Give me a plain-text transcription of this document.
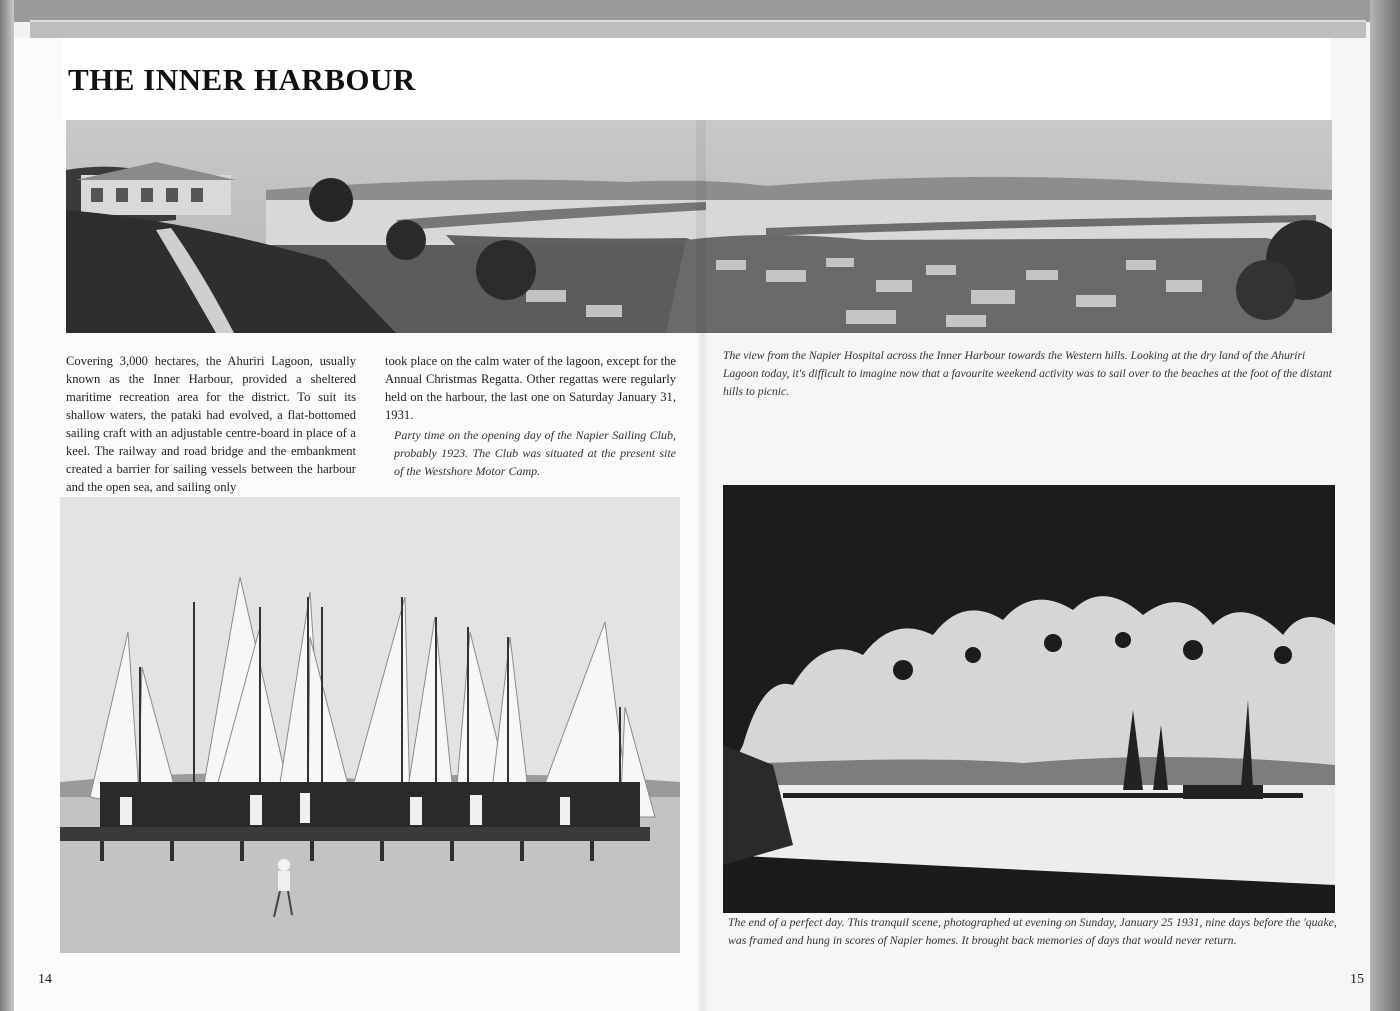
THE INNER HARBOUR

Covering 3,000 hectares, the Ahuriri Lagoon, usually known as the Inner Harbour, provided a sheltered maritime recreation area for the district. To suit its shallow waters, the pataki had evolved, a flat-bottomed sailing craft with an adjustable centre-board in place of a keel. The railway and road bridge and the embankment created a barrier for sailing vessels between the harbour and the open sea, and sailing only

took place on the calm water of the lagoon, except for the Annual Christmas Regatta. Other regattas were regularly held on the harbour, the last one on Saturday January 31, 1931.

Party time on the opening day of the Napier Sailing Club, probably 1923. The Club was situated at the present site of the Westshore Motor Camp.

The view from the Napier Hospital across the Inner Harbour towards the Western hills. Looking at the dry land of the Ahuriri Lagoon today, it's difficult to imagine now that a favourite weekend activity was to sail over to the beaches at the foot of the distant hills to picnic.

The end of a perfect day. This tranquil scene, photographed at evening on Sunday, January 25 1931, nine days before the 'quake, was framed and hung in scores of Napier homes. It brought back memories of days that would never return.

14	15
